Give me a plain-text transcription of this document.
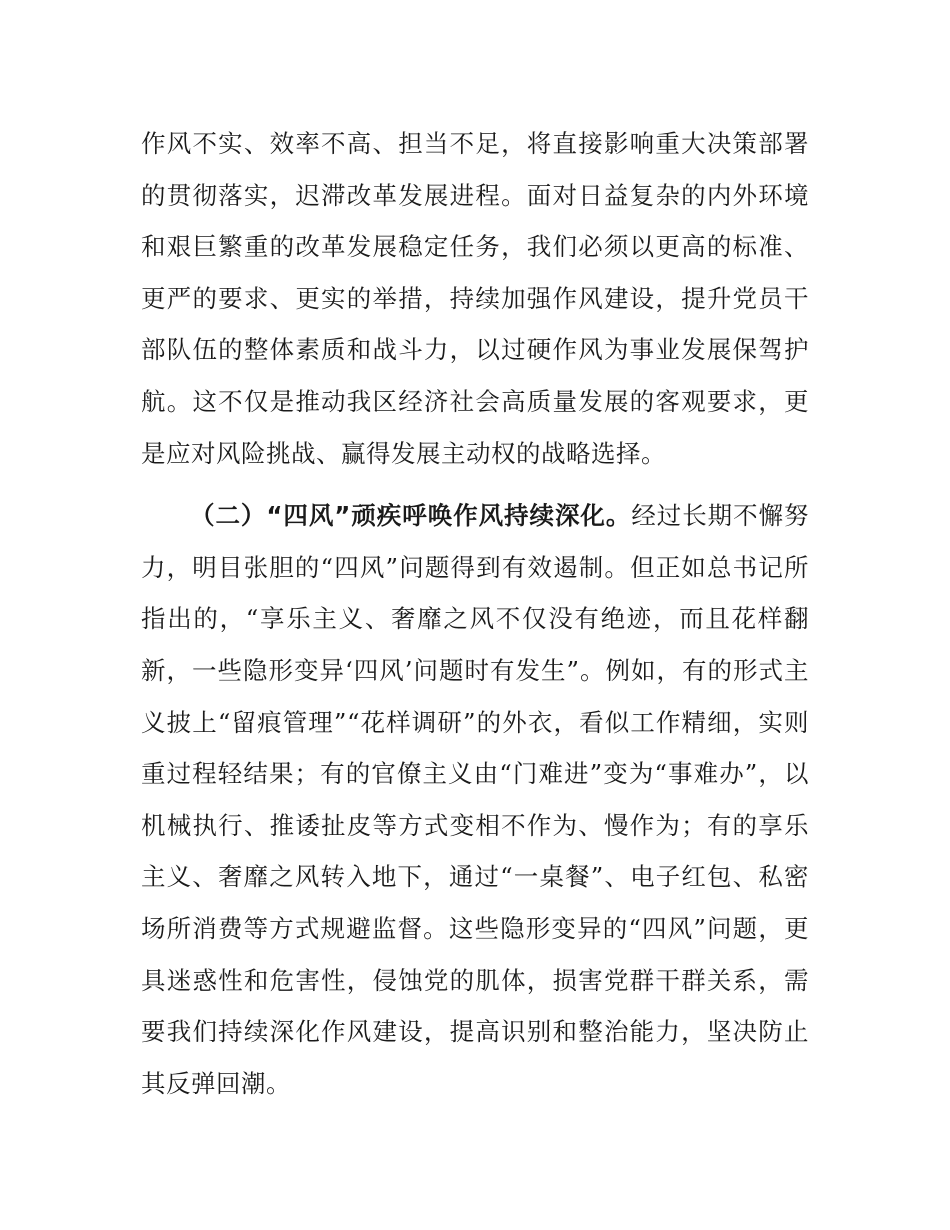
作风不实、效率不高、担当不足，将直接影响重大决策部署的贯彻落实，迟滞改革发展进程。面对日益复杂的内外环境和艰巨繁重的改革发展稳定任务，我们必须以更高的标准、更严的要求、更实的举措，持续加强作风建设，提升党员干部队伍的整体素质和战斗力，以过硬作风为事业发展保驾护航。这不仅是推动我区经济社会高质量发展的客观要求，更是应对风险挑战、赢得发展主动权的战略选择。

（二）“四风”顽疾呼唤作风持续深化。经过长期不懈努力，明目张胆的“四风”问题得到有效遏制。但正如总书记所指出的，“享乐主义、奢靡之风不仅没有绝迹，而且花样翻新，一些隐形变异‘四风’问题时有发生”。例如，有的形式主义披上“留痕管理”“花样调研”的外衣，看似工作精细，实则重过程轻结果；有的官僚主义由“门难进”变为“事难办”，以机械执行、推诿扯皮等方式变相不作为、慢作为；有的享乐主义、奢靡之风转入地下，通过“一桌餐”、电子红包、私密场所消费等方式规避监督。这些隐形变异的“四风”问题，更具迷惑性和危害性，侵蚀党的肌体，损害党群干群关系，需要我们持续深化作风建设，提高识别和整治能力，坚决防止其反弹回潮。
